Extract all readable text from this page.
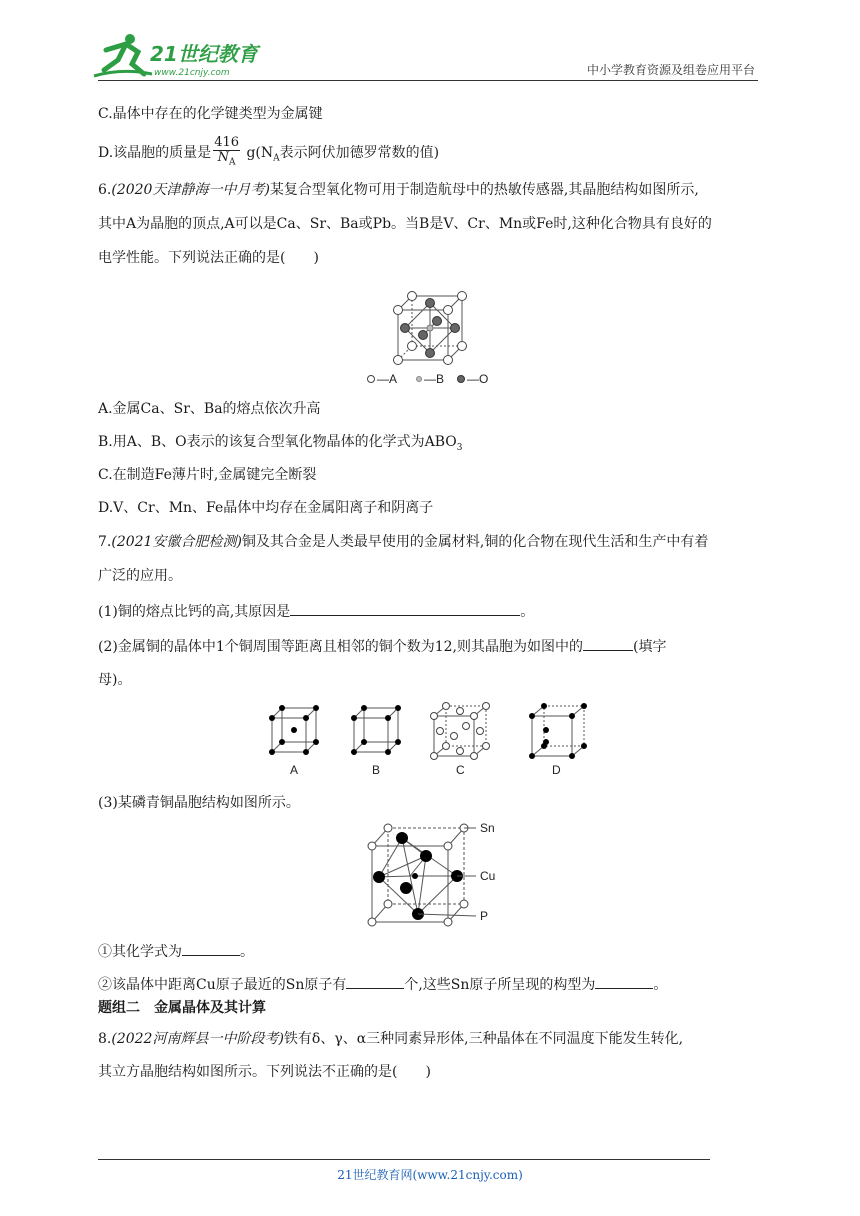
21世纪教育
www.21cnjy.com	中小学教育资源及组卷应用平台
C.晶体中存在的化学键类型为金属键
D.该晶胞的质量是 $\frac{416}{N_A} g(N_A$表示阿伏加德罗常数的值)
6.(2020天津静海一中月考)某复合型氧化物可用于制造航母中的热敏传感器,其晶胞结构如图所示,
其中A为晶胞的顶点,A可以是Ca、Sr、Ba或Pb。当B是V、Cr、Mn或Fe时,这种化合物具有良好的
电学性能。下列说法正确的是(　　)
—A —B —O
A.金属Ca、Sr、Ba的熔点依次升高
B.用A、B、O表示的该复合型氧化物晶体的化学式为$ABO_3$
C.在制造Fe薄片时,金属键完全断裂
D.V、Cr、Mn、Fe晶体中均存在金属阳离子和阴离子
7.(2021安徽合肥检测)铜及其合金是人类最早使用的金属材料,铜的化合物在现代生活和生产中有着
广泛的应用。
(1)铜的熔点比钙的高,其原因是	。
(2)金属铜的晶体中1个铜周围等距离且相邻的铜个数为12,则其晶胞为如图中的	(填字
母)。
A	B	C	D
(3)某磷青铜晶胞结构如图所示。
Sn
Cu
P
①其化学式为	。
②该晶体中距离Cu原子最近的Sn原子有	个,这些Sn原子所呈现的构型为	。
题组二　金属晶体及其计算
8.(2022河南辉县一中阶段考)铁有δ、γ、α三种同素异形体,三种晶体在不同温度下能发生转化,
其立方晶胞结构如图所示。下列说法不正确的是(　　)
21世纪教育网(www.21cnjy.com)
